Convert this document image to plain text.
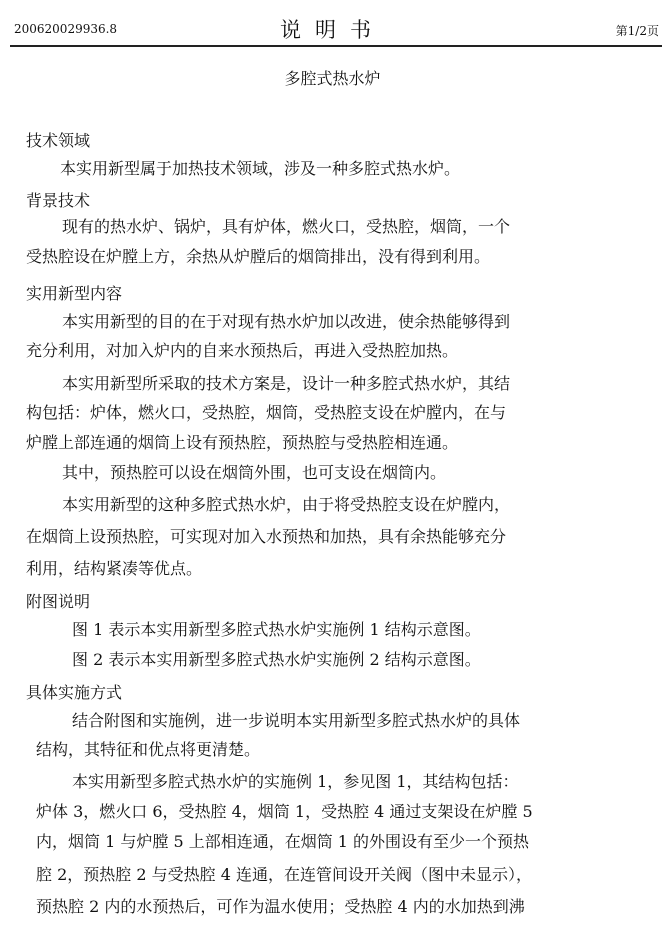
200620029936.8	说明书	第1/2页
多腔式热水炉
技术领域
本实用新型属于加热技术领域，涉及一种多腔式热水炉。
背景技术
现有的热水炉、锅炉，具有炉体，燃火口，受热腔，烟筒，一个
受热腔设在炉膛上方，余热从炉膛后的烟筒排出，没有得到利用。
实用新型内容
本实用新型的目的在于对现有热水炉加以改进，使余热能够得到
充分利用，对加入炉内的自来水预热后，再进入受热腔加热。
本实用新型所采取的技术方案是，设计一种多腔式热水炉，其结
构包括：炉体，燃火口，受热腔，烟筒，受热腔支设在炉膛内，在与
炉膛上部连通的烟筒上设有预热腔，预热腔与受热腔相连通。
其中，预热腔可以设在烟筒外围，也可支设在烟筒内。
本实用新型的这种多腔式热水炉，由于将受热腔支设在炉膛内，
在烟筒上设预热腔，可实现对加入水预热和加热，具有余热能够充分
利用，结构紧凑等优点。
附图说明
图 1 表示本实用新型多腔式热水炉实施例 1 结构示意图。
图 2 表示本实用新型多腔式热水炉实施例 2 结构示意图。
具体实施方式
结合附图和实施例，进一步说明本实用新型多腔式热水炉的具体
结构，其特征和优点将更清楚。
本实用新型多腔式热水炉的实施例 1，参见图 1，其结构包括：
炉体 3，燃火口 6，受热腔 4，烟筒 1，受热腔 4 通过支架设在炉膛 5
内，烟筒 1 与炉膛 5 上部相连通，在烟筒 1 的外围设有至少一个预热
腔 2，预热腔 2 与受热腔 4 连通，在连管间设开关阀（图中未显示），
预热腔 2 内的水预热后，可作为温水使用；受热腔 4 内的水加热到沸
